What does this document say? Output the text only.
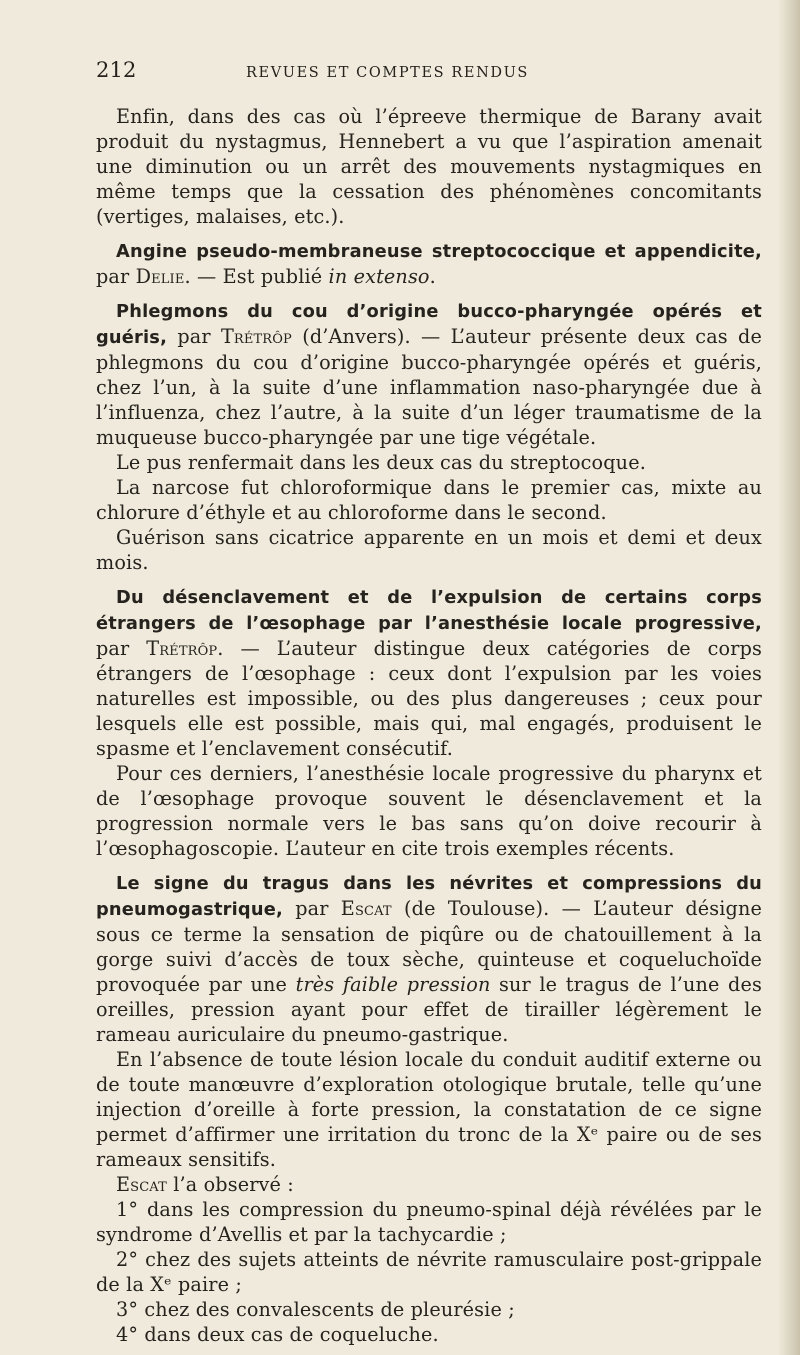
212	REVUES ET COMPTES RENDUS

Enfin, dans des cas où l’épreeve thermique de Barany avait produit du nystagmus, Hennebert a vu que l’aspiration amenait une diminution ou un arrêt des mouvements nystagmiques en même temps que la cessation des phénomènes concomitants (vertiges, malaises, etc.).

Angine pseudo-membraneuse streptococcique et appendicite, par Delie. — Est publié in extenso.

Phlegmons du cou d’origine bucco-pharyngée opérés et guéris, par Trétrôp (d’Anvers). — L’auteur présente deux cas de phlegmons du cou d’origine bucco-pharyngée opérés et guéris, chez l’un, à la suite d’une inflammation naso-pharyngée due à l’influenza, chez l’autre, à la suite d’un léger traumatisme de la muqueuse bucco-pharyngée par une tige végétale.

Le pus renfermait dans les deux cas du streptocoque.

La narcose fut chloroformique dans le premier cas, mixte au chlorure d’éthyle et au chloroforme dans le second.

Guérison sans cicatrice apparente en un mois et demi et deux mois.

Du désenclavement et de l’expulsion de certains corps étrangers de l’œsophage par l’anesthésie locale progressive, par Trétrôp. — L’auteur distingue deux catégories de corps étrangers de l’œsophage : ceux dont l’expulsion par les voies naturelles est impossible, ou des plus dangereuses ; ceux pour lesquels elle est possible, mais qui, mal engagés, produisent le spasme et l’enclavement consécutif.

Pour ces derniers, l’anesthésie locale progressive du pharynx et de l’œsophage provoque souvent le désenclavement et la progression normale vers le bas sans qu’on doive recourir à l’œsophagoscopie. L’auteur en cite trois exemples récents.

Le signe du tragus dans les névrites et compressions du pneumogastrique, par Escat (de Toulouse). — L’auteur désigne sous ce terme la sensation de piqûre ou de chatouillement à la gorge suivi d’accès de toux sèche, quinteuse et coqueluchoïde provoquée par une très faible pression sur le tragus de l’une des oreilles, pression ayant pour effet de tirailler légèrement le rameau auriculaire du pneumo-gastrique.

En l’absence de toute lésion locale du conduit auditif externe ou de toute manœuvre d’exploration otologique brutale, telle qu’une injection d’oreille à forte pression, la constatation de ce signe permet d’affirmer une irritation du tronc de la Xᵉ paire ou de ses rameaux sensitifs.

Escat l’a observé :

1° dans les compression du pneumo-spinal déjà révélées par le syndrome d’Avellis et par la tachycardie ;

2° chez des sujets atteints de névrite ramusculaire post-grippale de la Xᵉ paire ;

3° chez des convalescents de pleurésie ;

4° dans deux cas de coqueluche.
